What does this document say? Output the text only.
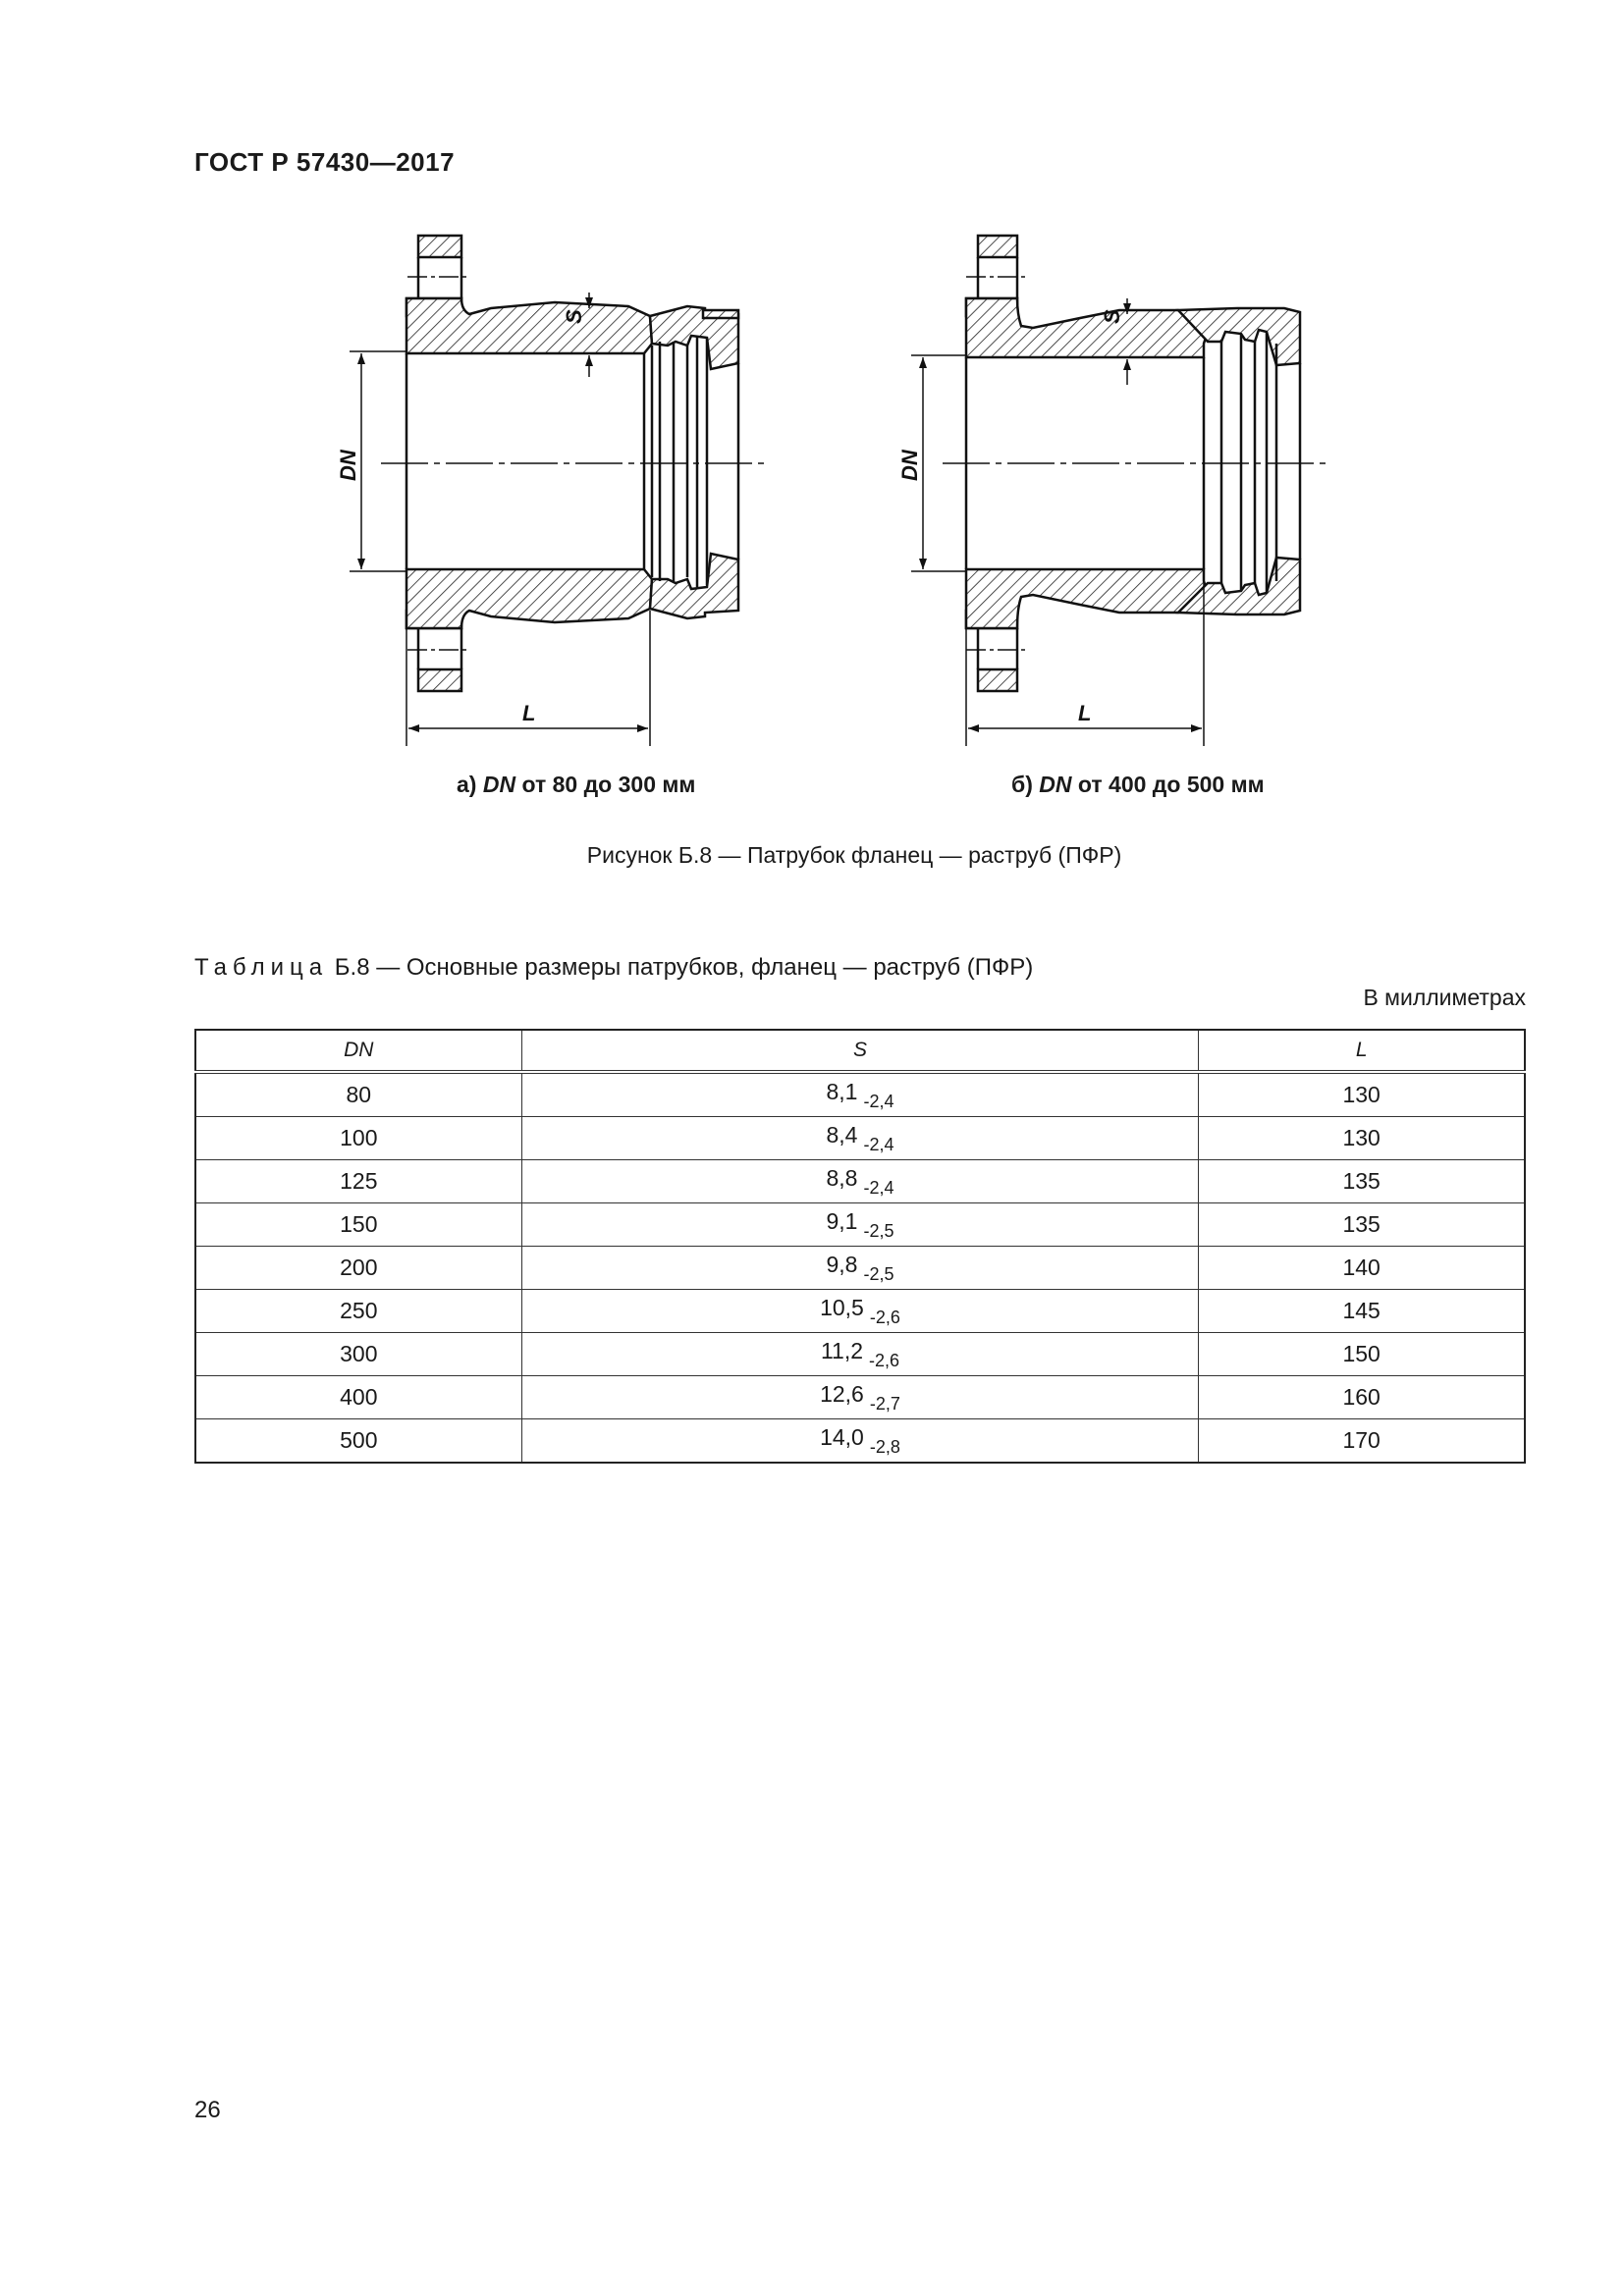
ГОСТ Р 57430—2017
S
DN
L
S
DN
L
а) DN от 80 до 300 мм	б) DN от 400 до 500 мм
Рисунок Б.8 — Патрубок фланец — раструб (ПФР)
Таблица Б.8 — Основные размеры патрубков, фланец — раструб (ПФР)
В миллиметрах
DN	S	L
80	8,1 $_{-2,4}$	130
100	8,4 $_{-2,4}$	130
125	8,8 $_{-2,4}$	135
150	9,1 $_{-2,5}$	135
200	9,8 $_{-2,5}$	140
250	10,5 $_{-2,6}$	145
300	11,2 $_{-2,6}$	150
400	12,6 $_{-2,7}$	160
500	14,0 $_{-2,8}$	170
26
